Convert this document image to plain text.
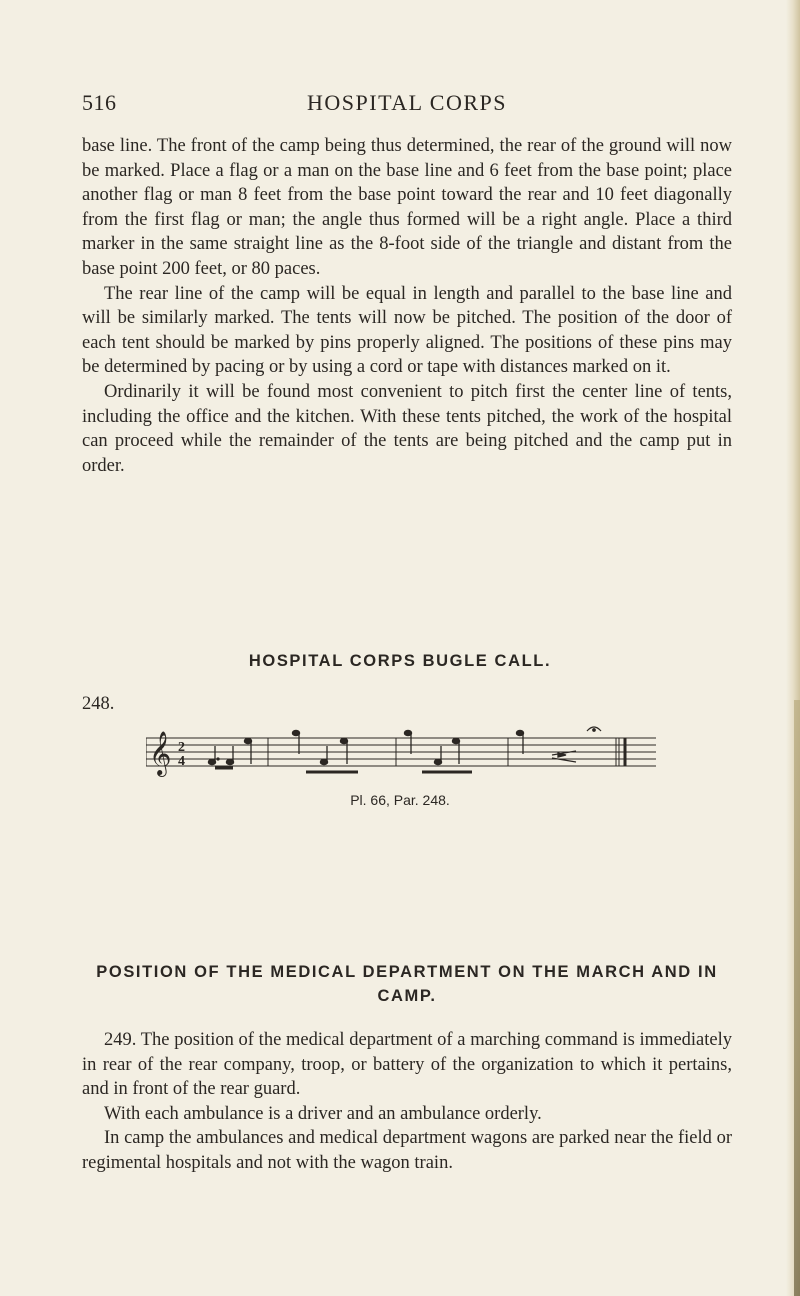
516	HOSPITAL CORPS

base line. The front of the camp being thus determined, the rear of the ground will now be marked. Place a flag or a man on the base line and 6 feet from the base point; place another flag or man 8 feet from the base point toward the rear and 10 feet diagonally from the first flag or man; the angle thus formed will be a right angle. Place a third marker in the same straight line as the 8-foot side of the triangle and distant from the base point 200 feet, or 80 paces.

The rear line of the camp will be equal in length and parallel to the base line and will be similarly marked. The tents will now be pitched. The position of the door of each tent should be marked by pins properly aligned. The positions of these pins may be determined by pacing or by using a cord or tape with distances marked on it.

Ordinarily it will be found most convenient to pitch first the center line of tents, including the office and the kitchen. With these tents pitched, the work of the hospital can proceed while the remainder of the tents are being pitched and the camp put in order.

HOSPITAL CORPS BUGLE CALL.
248.
𝄞 2
4
Pl. 66, Par. 248.
POSITION OF THE MEDICAL DEPARTMENT ON THE MARCH AND IN CAMP.

249. The position of the medical department of a marching command is immediately in rear of the rear company, troop, or battery of the organization to which it pertains, and in front of the rear guard.

With each ambulance is a driver and an ambulance orderly.

In camp the ambulances and medical department wagons are parked near the field or regimental hospitals and not with the wagon train.
